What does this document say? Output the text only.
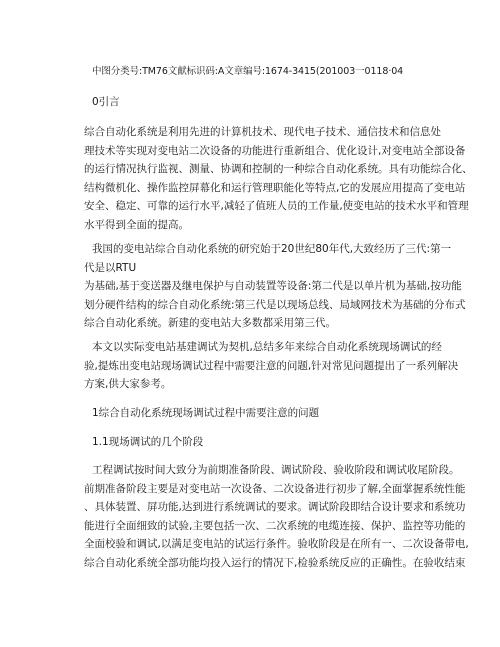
中图分类号:TM76文献标识码:A文章编号:1674-3415(201003一0118·04
0引言
综合自动化系统是利用先进的计算机技术、现代电子技术、通信技术和信息处
理技术等实现对变电站二次设备的功能进行重新组合、优化设计,对变电站全部设备
的运行情况执行监视、测量、协调和控制的一种综合自动化系统。具有功能综合化、
结构微机化、操作监控屏幕化和运行管理职能化等特点,它的发展应用提高了变电站
安全、稳定、可靠的运行水平,减轻了值班人员的工作量,使变电站的技术水平和管理
水平得到全面的提高。
我国的变电站综合自动化系统的研究始于20世纪80年代,大致经历了三代:第一
代是以RTU
为基础,基于变送器及继电保护与自动装置等设备:第二代是以单片机为基础,按功能
划分硬件结构的综合自动化系统:第三代是以现场总线、局域网技术为基础的分布式
综合自动化系统。新建的变电站大多数都采用第三代。
本文以实际变电站基建调试为契机,总结多年来综合自动化系统现场调试的经
验,提炼出变电站现场调试过程中需要注意的问题,针对常见问题提出了一系列解决
方案,供大家参考。
1综合自动化系统现场调试过程中需要注意的问题
1.1现场调试的几个阶段
工程调试按时间大致分为前期准备阶段、调试阶段、验收阶段和调试收尾阶段。
前期准备阶段主要是对变电站一次设备、二次设备进行初步了解,全面掌握系统性能
、具体装置、屏功能,达到进行系统调试的要求。调试阶段即结合设计要求和系统功
能进行全面细致的试验,主要包括一次、二次系统的电缆连接、保护、监控等功能的
全面校验和调试,以满足变电站的试运行条件。验收阶段是在所有一、二次设备带电,
综合自动化系统全部功能均投入运行的情况下,检验系统反应的正确性。在验收结束
